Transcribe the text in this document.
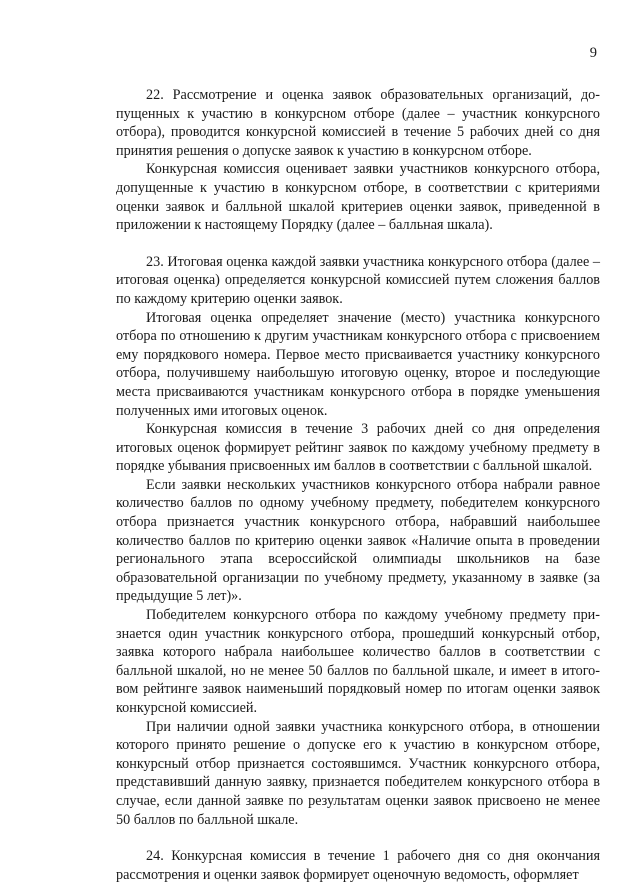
9

22. Рассмотрение и оценка заявок образовательных организаций, допущенных к участию в конкурсном отборе (далее – участник конкурсного отбора), проводится конкурсной комиссией в течение 5 рабочих дней со дня принятия решения о допуске заявок к участию в конкурсном отборе.

Конкурсная комиссия оценивает заявки участников конкурсного отбора, допущенные к участию в конкурсном отборе, в соответствии с критериями оценки заявок и балльной шкалой критериев оценки заявок, приведенной в приложении к настоящему Порядку (далее – балльная шкала).

23. Итоговая оценка каждой заявки участника конкурсного отбора (далее – итоговая оценка) определяется конкурсной комиссией путем сложения баллов по каждому критерию оценки заявок.

Итоговая оценка определяет значение (место) участника конкурсного отбора по отношению к другим участникам конкурсного отбора с присвоением ему порядкового номера. Первое место присваивается участнику конкурсного отбора, получившему наибольшую итоговую оценку, второе и последующие места присваиваются участникам конкурсного отбора в порядке уменьшения полученных ими итоговых оценок.

Конкурсная комиссия в течение 3 рабочих дней со дня определения итоговых оценок формирует рейтинг заявок по каждому учебному предмету в порядке убывания присвоенных им баллов в соответствии с балльной шкалой.

Если заявки нескольких участников конкурсного отбора набрали равное количество баллов по одному учебному предмету, победителем конкурсного отбора признается участник конкурсного отбора, набравший наибольшее количество баллов по критерию оценки заявок «Наличие опыта в проведении регионального этапа всероссийской олимпиады школьников на базе образовательной организации по учебному предмету, указанному в заявке (за предыдущие 5 лет)».

Победителем конкурсного отбора по каждому учебному предмету признается один участник конкурсного отбора, прошедший конкурсный отбор, заявка которого набрала наибольшее количество баллов в соответствии с балльной шкалой, но не менее 50 баллов по балльной шкале, и имеет в итоговом рейтинге заявок наименьший порядковый номер по итогам оценки заявок конкурсной комиссией.

При наличии одной заявки участника конкурсного отбора, в отношении которого принято решение о допуске его к участию в конкурсном отборе, конкурсный отбор признается состоявшимся. Участник конкурсного отбора, представивший данную заявку, признается победителем конкурсного отбора в случае, если данной заявке по результатам оценки заявок присвоено не менее 50 баллов по балльной шкале.

24. Конкурсная комиссия в течение 1 рабочего дня со дня окончания рассмотрения и оценки заявок формирует оценочную ведомость, оформляет
